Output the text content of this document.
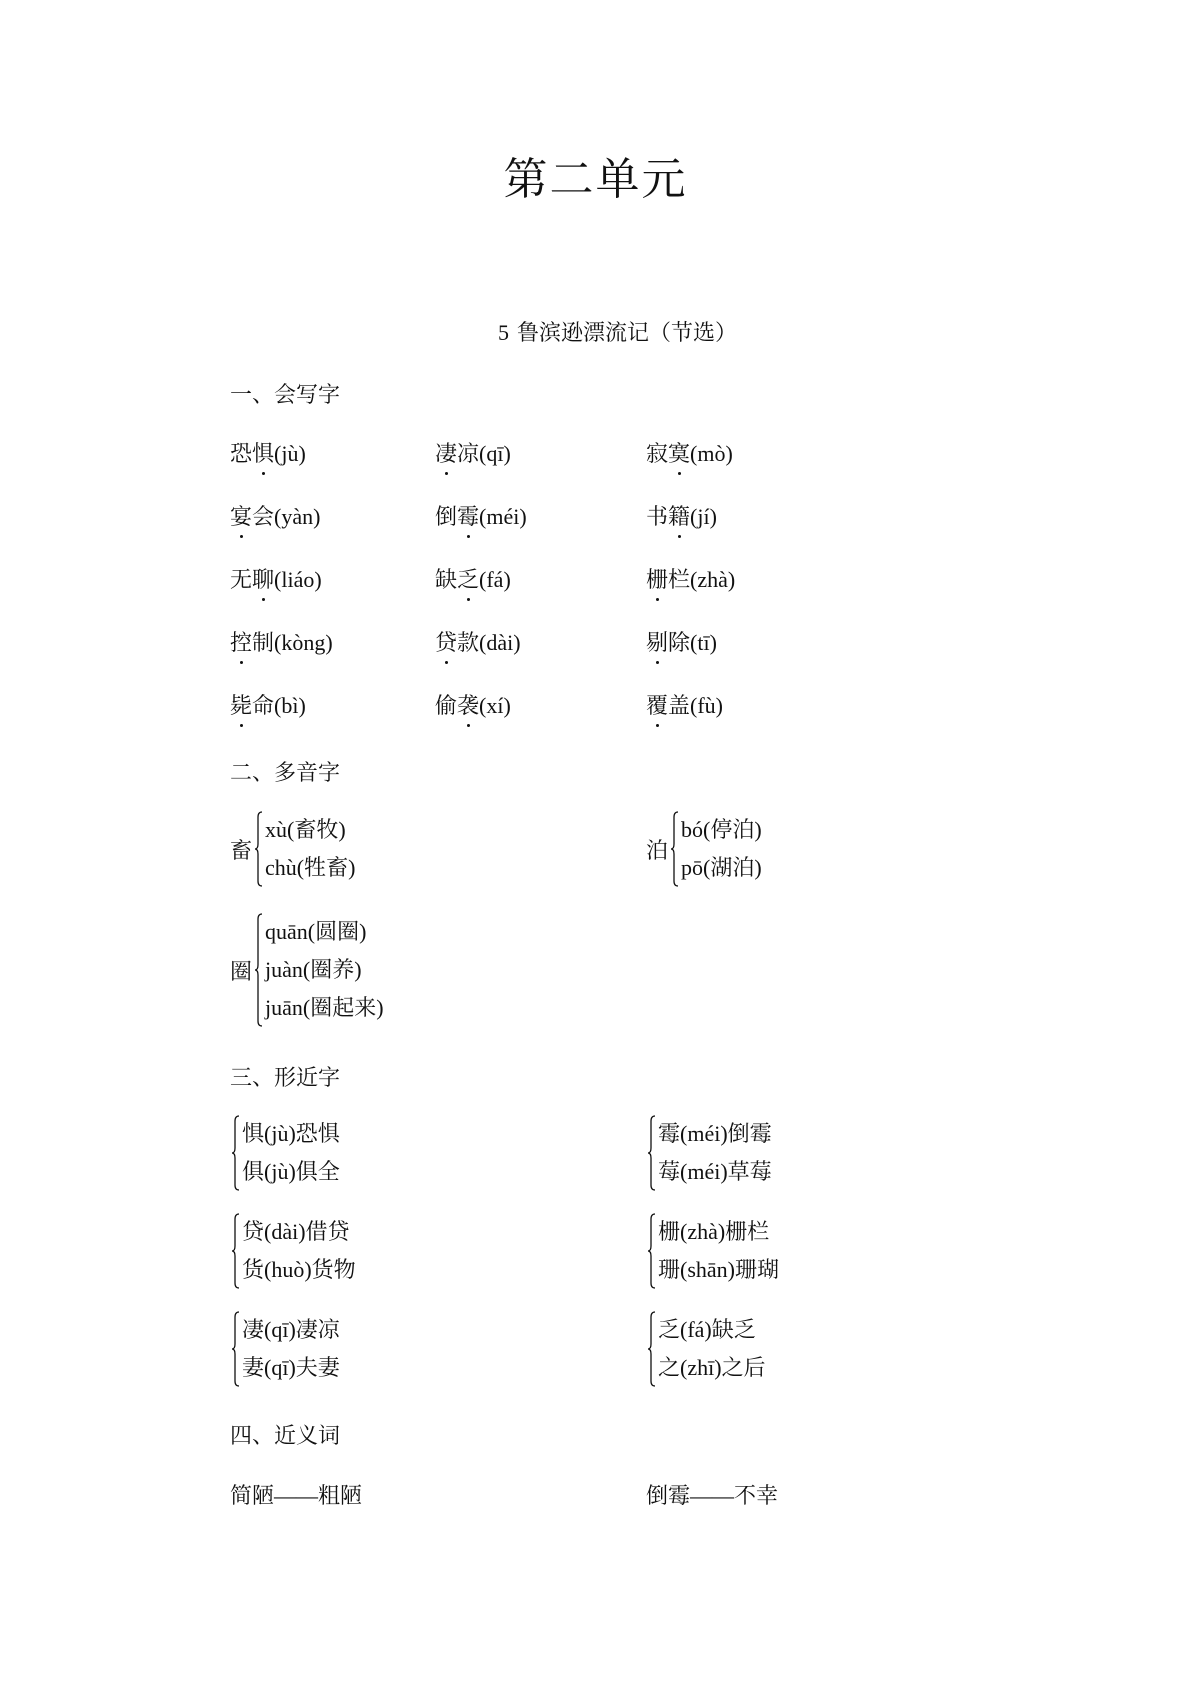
第二单元
5 鲁滨逊漂流记（节选）
一、会写字
恐惧(jù)	凄凉(qī)	寂寞(mò)
宴会(yàn)	倒霉(méi)	书籍(jí)
无聊(liáo)	缺乏(fá)	栅栏(zhà)
控制(kòng)	贷款(dài)	剔除(tī)
毙命(bì)	偷袭(xí)	覆盖(fù)
二、多音字
畜
xù(畜牧)
chù(牲畜)
泊
bó(停泊)
pō(湖泊)
圈
quān(圆圈)
juàn(圈养)
juān(圈起来)
三、形近字
惧(jù)恐惧
俱(jù)俱全
霉(méi)倒霉
莓(méi)草莓
贷(dài)借贷
货(huò)货物
栅(zhà)栅栏
珊(shān)珊瑚
凄(qī)凄凉
妻(qī)夫妻
乏(fá)缺乏
之(zhī)之后
四、近义词
简陋——粗陋	倒霉——不幸
